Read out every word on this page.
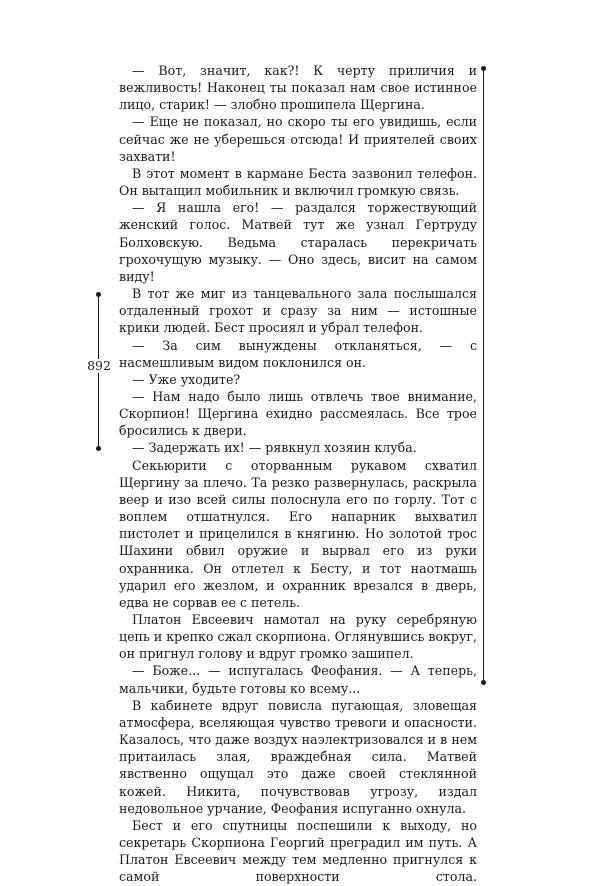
892

— Вот, значит, как?! К черту приличия и вежливость! Наконец ты показал нам свое истинное лицо, старик! — злобно прошипела Щергина.

— Еще не показал, но скоро ты его увидишь, если сейчас же не уберешься отсюда! И приятелей своих захвати!

В этот момент в кармане Беста зазвонил телефон. Он вытащил мобильник и включил громкую связь.

— Я нашла его! — раздался торжествующий женский голос. Матвей тут же узнал Гертруду Болховскую. Ведьма старалась перекричать грохочущую музыку. — Оно здесь, висит на самом виду!

В тот же миг из танцевального зала послышался отдаленный грохот и сразу за ним — истошные крики людей. Бест просиял и убрал телефон.

— За сим вынуждены откланяться, — с насмешливым видом поклонился он.

— Уже уходите?

— Нам надо было лишь отвлечь твое внимание, Скорпион! Щергина ехидно рассмеялась. Все трое бросились к двери.

— Задержать их! — рявкнул хозяин клуба.

Секьюрити с оторванным рукавом схватил Щергину за плечо. Та резко развернулась, раскрыла веер и изо всей силы полоснула его по горлу. Тот с воплем отшатнулся. Его напарник выхватил пистолет и прицелился в княгиню. Но золотой трос Шахини обвил оружие и вырвал его из руки охранника. Он отлетел к Бесту, и тот наотмашь ударил его жезлом, и охранник врезался в дверь, едва не сорвав ее с петель.

Платон Евсеевич намотал на руку серебряную цепь и крепко сжал скорпиона. Оглянувшись вокруг, он пригнул голову и вдруг громко зашипел.

— Боже... — испугалась Феофания. — А теперь, мальчики, будьте готовы ко всему...

В кабинете вдруг повисла пугающая, зловещая атмосфера, вселяющая чувство тревоги и опасности. Казалось, что даже воздух наэлектризовался и в нем притаилась злая, враждебная сила. Матвей явственно ощущал это даже своей стеклянной кожей. Никита, почувствовав угрозу, издал недовольное урчание, Феофания испуганно охнула.

Бест и его спутницы поспешили к выходу, но секретарь Скорпиона Георгий преградил им путь. А Платон Евсеевич между тем медленно пригнулся к самой поверхности стола.
